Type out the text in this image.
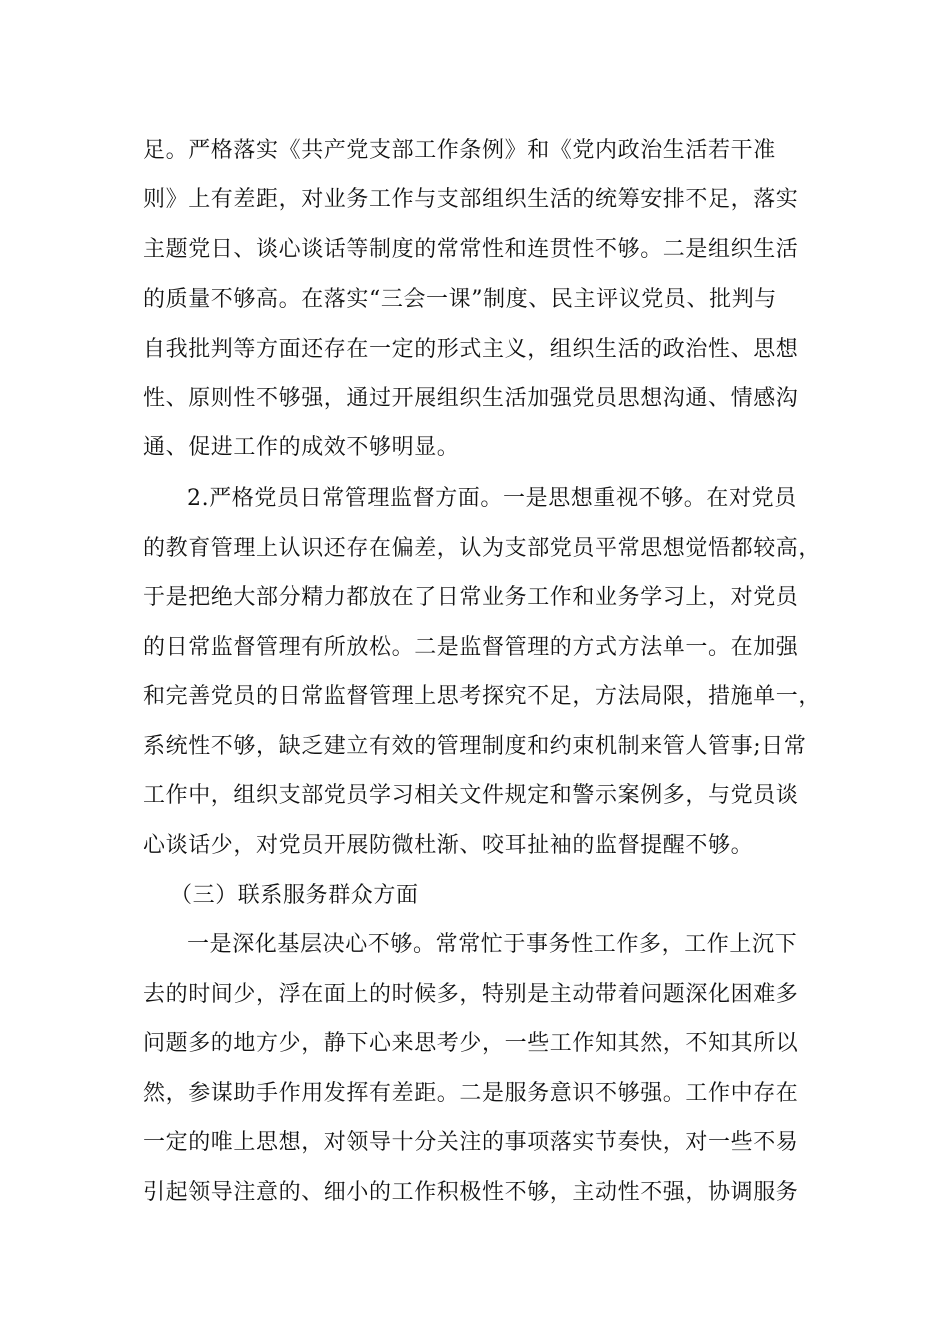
足。严格落实《共产党支部工作条例》和《党内政治生活若干准
则》上有差距，对业务工作与支部组织生活的统筹安排不足，落实
主题党日、谈心谈话等制度的常常性和连贯性不够。二是组织生活
的质量不够高。在落实“三会一课”制度、民主评议党员、批判与
自我批判等方面还存在一定的形式主义，组织生活的政治性、思想
性、原则性不够强，通过开展组织生活加强党员思想沟通、情感沟
通、促进工作的成效不够明显。
2.严格党员日常管理监督方面。一是思想重视不够。在对党员
的教育管理上认识还存在偏差，认为支部党员平常思想觉悟都较高，
于是把绝大部分精力都放在了日常业务工作和业务学习上，对党员
的日常监督管理有所放松。二是监督管理的方式方法单一。在加强
和完善党员的日常监督管理上思考探究不足，方法局限，措施单一，
系统性不够，缺乏建立有效的管理制度和约束机制来管人管事;日常
工作中，组织支部党员学习相关文件规定和警示案例多，与党员谈
心谈话少，对党员开展防微杜渐、咬耳扯袖的监督提醒不够。
（三）联系服务群众方面
一是深化基层决心不够。常常忙于事务性工作多，工作上沉下
去的时间少，浮在面上的时候多，特别是主动带着问题深化困难多
问题多的地方少，静下心来思考少，一些工作知其然，不知其所以
然，参谋助手作用发挥有差距。二是服务意识不够强。工作中存在
一定的唯上思想，对领导十分关注的事项落实节奏快，对一些不易
引起领导注意的、细小的工作积极性不够，主动性不强，协调服务
